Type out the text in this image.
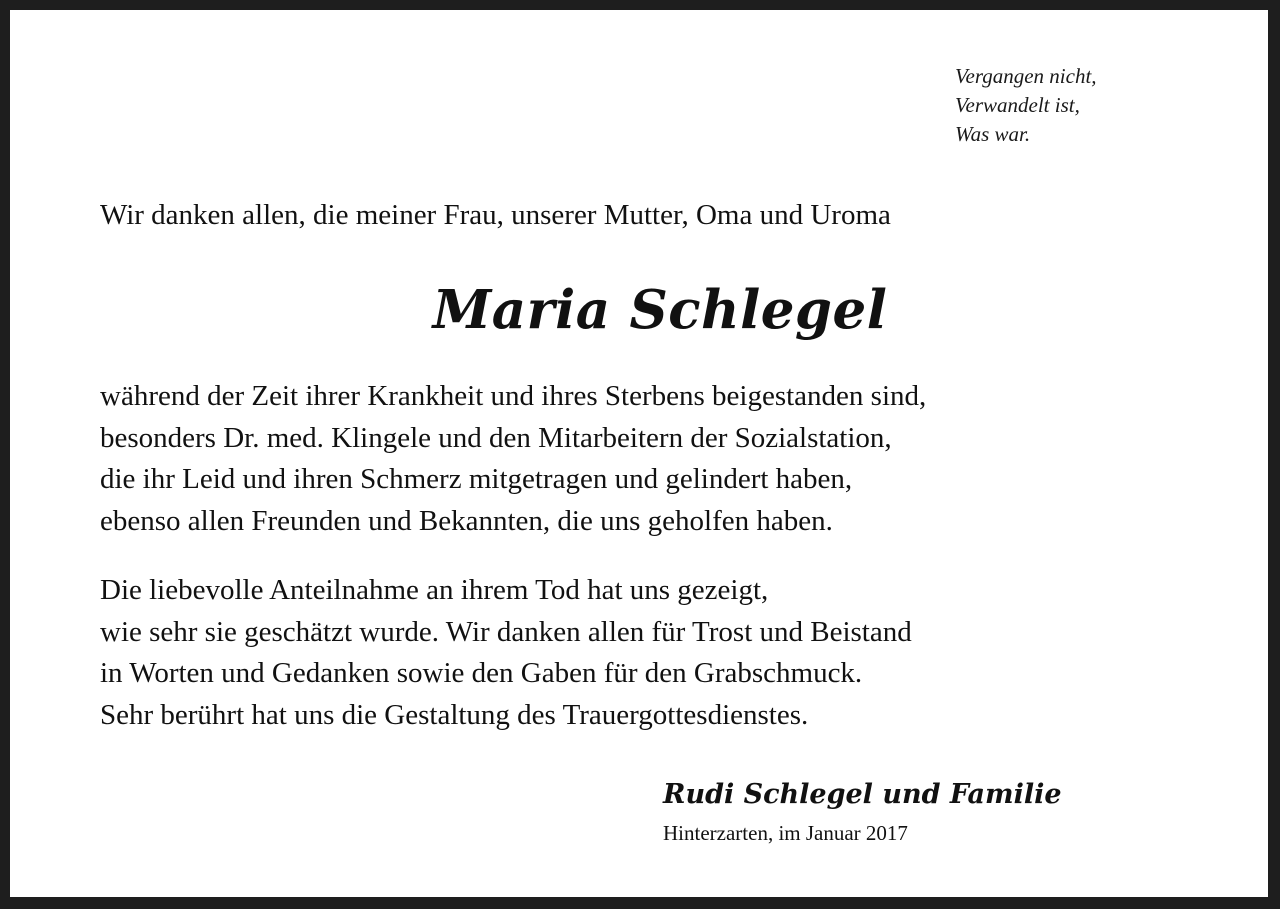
Vergangen nicht,
Verwandelt ist,
Was war.
Wir danken allen, die meiner Frau, unserer Mutter, Oma und Uroma
Maria Schlegel
während der Zeit ihrer Krankheit und ihres Sterbens beigestanden sind,
besonders Dr. med. Klingele und den Mitarbeitern der Sozialstation,
die ihr Leid und ihren Schmerz mitgetragen und gelindert haben,
ebenso allen Freunden und Bekannten, die uns geholfen haben.
Die liebevolle Anteilnahme an ihrem Tod hat uns gezeigt,
wie sehr sie geschätzt wurde. Wir danken allen für Trost und Beistand
in Worten und Gedanken sowie den Gaben für den Grabschmuck.
Sehr berührt hat uns die Gestaltung des Trauergottesdienstes.
Rudi Schlegel und Familie
Hinterzarten, im Januar 2017
